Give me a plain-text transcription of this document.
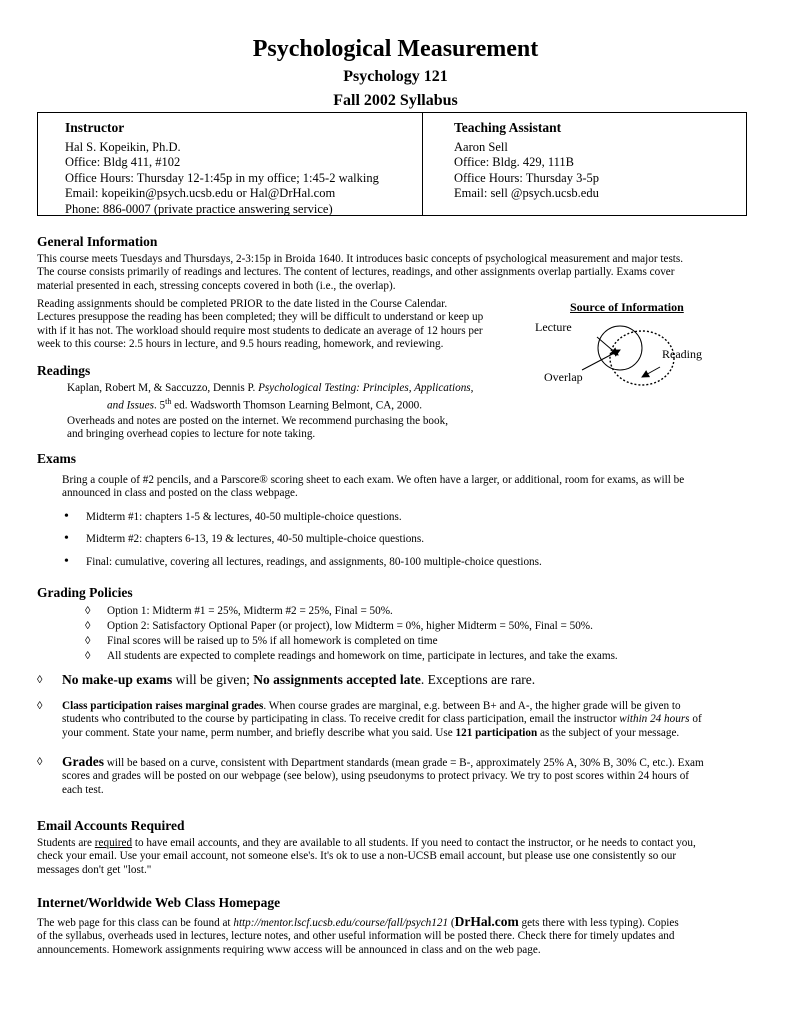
Psychological Measurement
Psychology 121
Fall 2002 Syllabus
Instructor
Hal S. Kopeikin, Ph.D.
Office: Bldg 411, #102
Office Hours: Thursday 12-1:45p in my office; 1:45-2 walking
Email: kopeikin@psych.ucsb.edu or Hal@DrHal.com
Phone: 886-0007 (private practice answering service)
Teaching Assistant
Aaron Sell
Office: Bldg. 429, 111B
Office Hours: Thursday 3-5p
Email: sell @psych.ucsb.edu
General Information
This course meets Tuesdays and Thursdays, 2-3:15p in Broida 1640. It introduces basic concepts of psychological measurement and major tests.
The course consists primarily of readings and lectures. The content of lectures, readings, and other assignments overlap partially. Exams cover
material presented in each, stressing concepts covered in both (i.e., the overlap).
Reading assignments should be completed PRIOR to the date listed in the Course Calendar.
Lectures presuppose the reading has been completed; they will be difficult to understand or keep up
with if it has not. The workload should require most students to dedicate an average of 12 hours per
week to this course: 2.5 hours in lecture, and 9.5 hours reading, homework, and reviewing.
Source of Information
Lecture
Reading
Overlap
Readings
Kaplan, Robert M, & Saccuzzo, Dennis P. Psychological Testing: Principles, Applications,
and Issues. 5th ed. Wadsworth Thomson Learning Belmont, CA, 2000.
Overheads and notes are posted on the internet. We recommend purchasing the book,
and bringing overhead copies to lecture for note taking.
Exams
Bring a couple of #2 pencils, and a Parscore® scoring sheet to each exam. We often have a larger, or additional, room for exams, as will be
announced in class and posted on the class webpage.
• Midterm #1: chapters 1-5 & lectures, 40-50 multiple-choice questions.
• Midterm #2: chapters 6-13, 19 & lectures, 40-50 multiple-choice questions.
• Final: cumulative, covering all lectures, readings, and assignments, 80-100 multiple-choice questions.
Grading Policies
◊ Option 1: Midterm #1 = 25%, Midterm #2 = 25%, Final = 50%.
◊ Option 2: Satisfactory Optional Paper (or project), low Midterm = 0%, higher Midterm = 50%, Final = 50%.
◊ Final scores will be raised up to 5% if all homework is completed on time
◊ All students are expected to complete readings and homework on time, participate in lectures, and take the exams.
◊ No make-up exams will be given; No assignments accepted late. Exceptions are rare.
◊ Class participation raises marginal grades. When course grades are marginal, e.g. between B+ and A-, the higher grade will be given to
students who contributed to the course by participating in class. To receive credit for class participation, email the instructor within 24 hours of
your comment. State your name, perm number, and briefly describe what you said. Use 121 participation as the subject of your message.
◊ Grades will be based on a curve, consistent with Department standards (mean grade = B-, approximately 25% A, 30% B, 30% C, etc.). Exam
scores and grades will be posted on our webpage (see below), using pseudonyms to protect privacy. We try to post scores within 24 hours of
each test.
Email Accounts Required
Students are required to have email accounts, and they are available to all students. If you need to contact the instructor, or he needs to contact you,
check your email. Use your email account, not someone else's. It's ok to use a non-UCSB email account, but please use one consistently so our
messages don't get "lost."
Internet/Worldwide Web Class Homepage
The web page for this class can be found at http://mentor.lscf.ucsb.edu/course/fall/psych121 (DrHal.com gets there with less typing). Copies
of the syllabus, overheads used in lectures, lecture notes, and other useful information will be posted there. Check there for timely updates and
announcements. Homework assignments requiring www access will be announced in class and on the web page.
